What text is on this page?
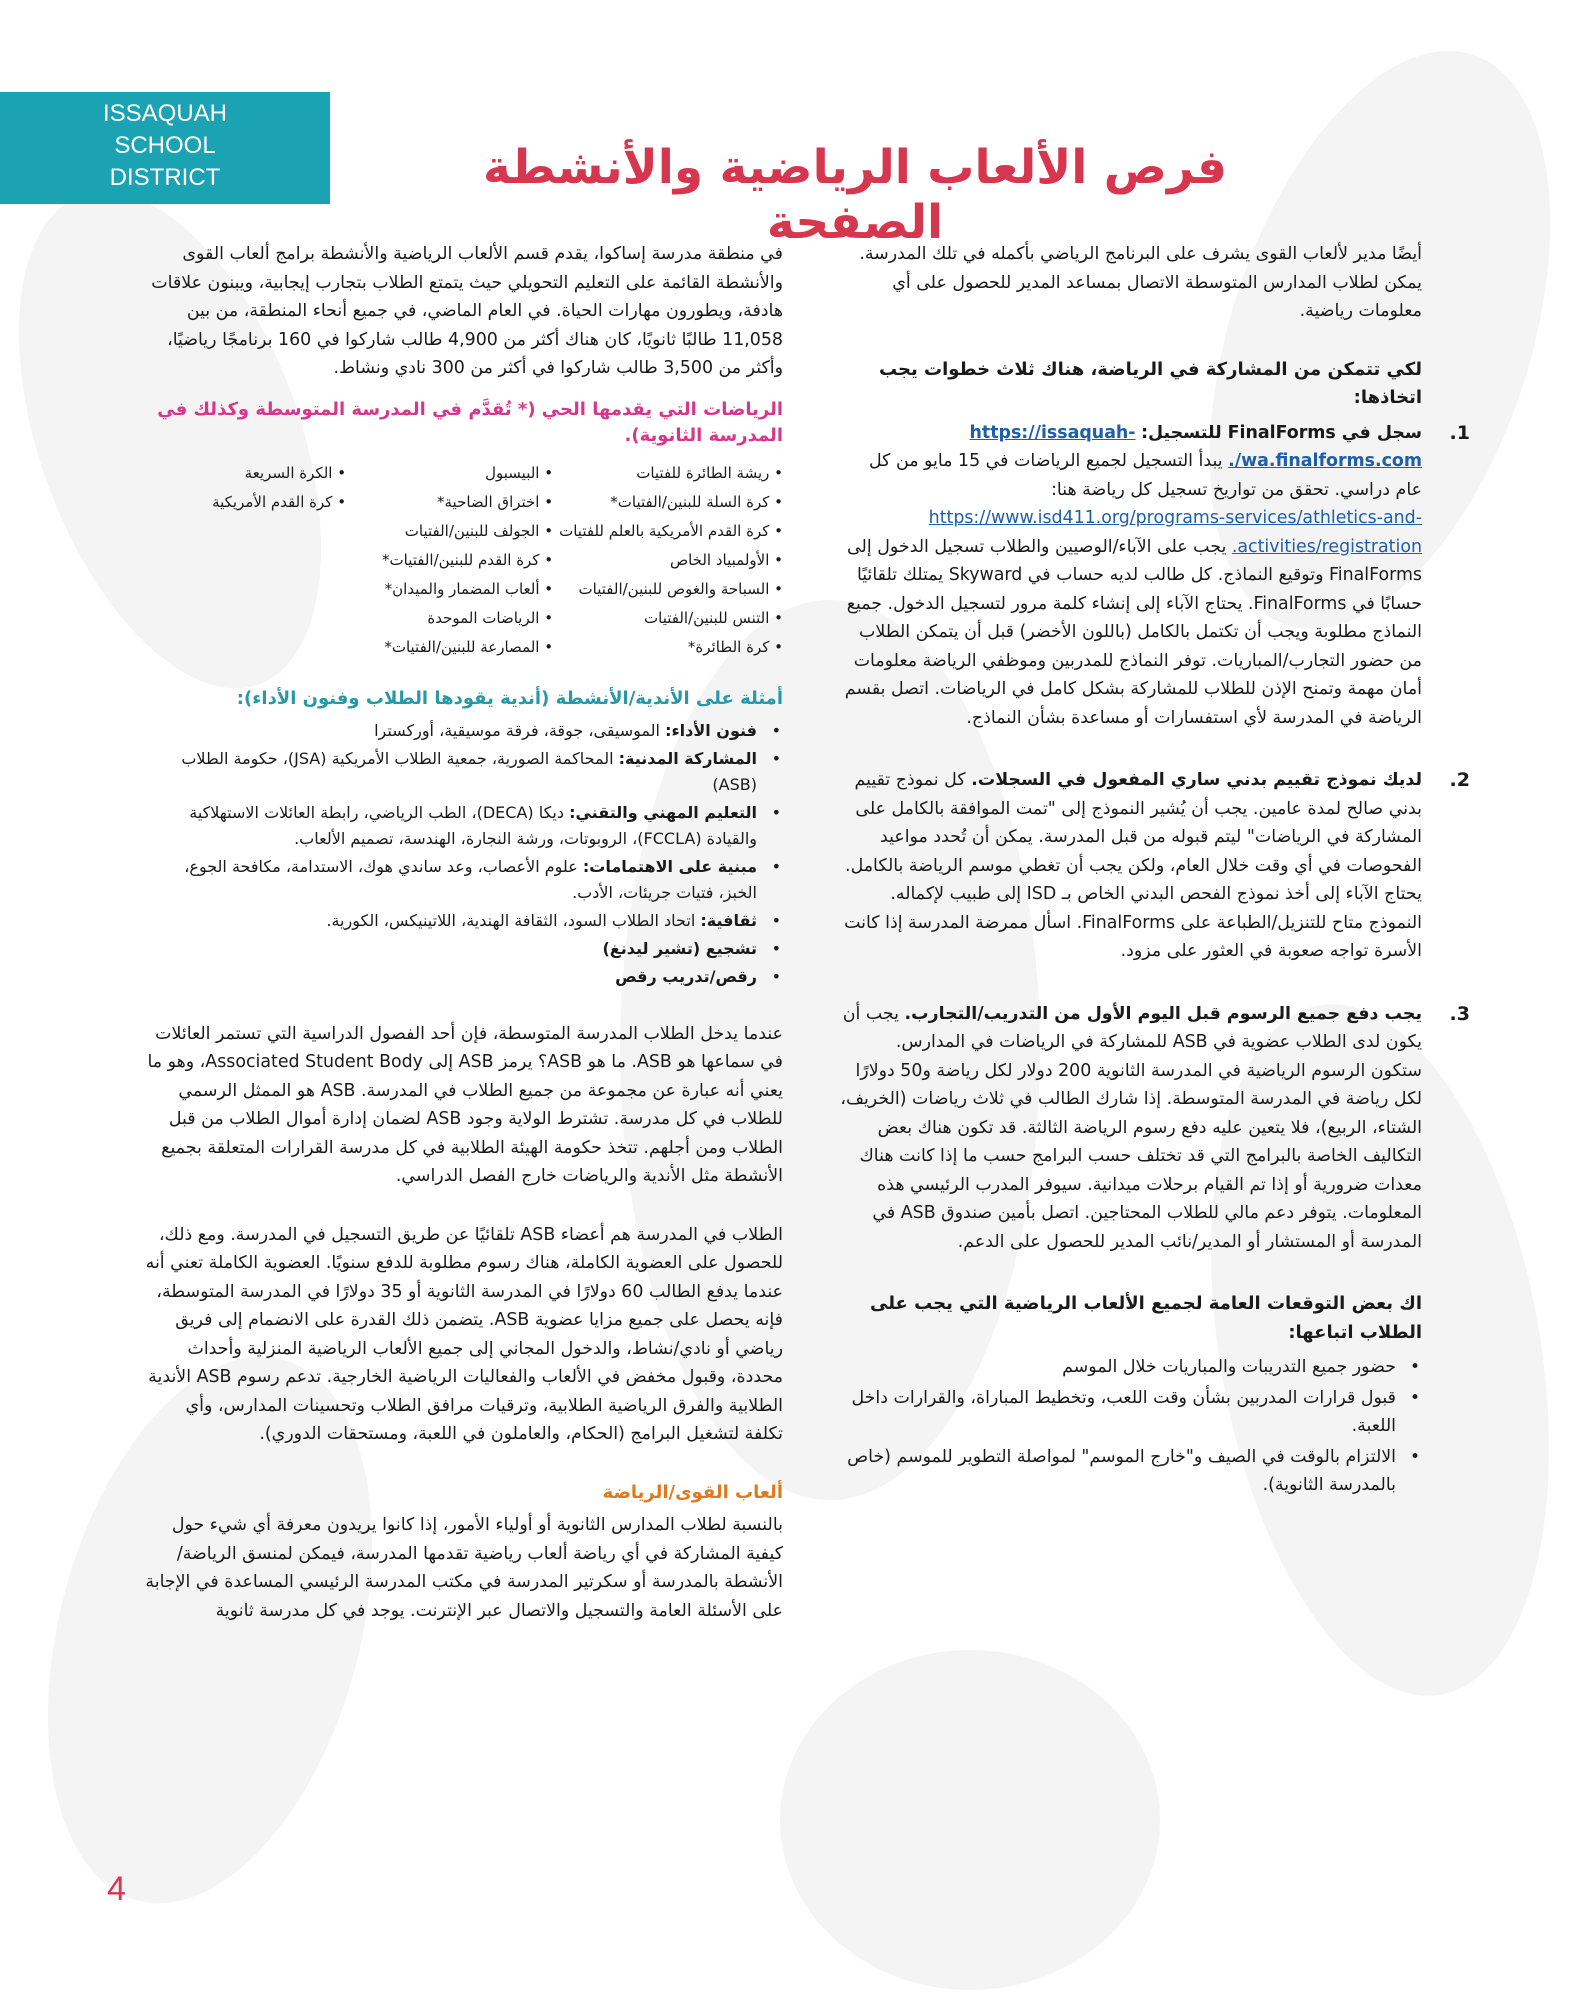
ISSAQUAH
SCHOOL
DISTRICT	فرص الألعاب الرياضية والأنشطة الصفحة

أيضًا مدير لألعاب القوى يشرف على البرنامج الرياضي بأكمله في تلك المدرسة. يمكن لطلاب المدارس المتوسطة الاتصال بمساعد المدير للحصول على أي معلومات رياضية.

لكي تتمكن من المشاركة في الرياضة، هناك ثلاث خطوات يجب اتخاذها:
1.
سجل في FinalForms للتسجيل: https://issaquah-wa.finalforms.com/. يبدأ التسجيل لجميع الرياضات في 15 مايو من كل عام دراسي. تحقق من تواريخ تسجيل كل رياضة هنا: https://www.isd411.org/programs-services/athletics-and-activities/registration. يجب على الآباء/الوصيين والطلاب تسجيل الدخول إلى FinalForms وتوقيع النماذج. كل طالب لديه حساب في Skyward يمتلك تلقائيًا حسابًا في FinalForms. يحتاج الآباء إلى إنشاء كلمة مرور لتسجيل الدخول. جميع النماذج مطلوبة ويجب أن تكتمل بالكامل (باللون الأخضر) قبل أن يتمكن الطلاب من حضور التجارب/المباريات. توفر النماذج للمدربين وموظفي الرياضة معلومات أمان مهمة وتمنح الإذن للطلاب للمشاركة بشكل كامل في الرياضات. اتصل بقسم الرياضة في المدرسة لأي استفسارات أو مساعدة بشأن النماذج.
2.
لديك نموذج تقييم بدني ساري المفعول في السجلات. كل نموذج تقييم بدني صالح لمدة عامين. يجب أن يُشير النموذج إلى "تمت الموافقة بالكامل على المشاركة في الرياضات" ليتم قبوله من قبل المدرسة. يمكن أن تُحدد مواعيد الفحوصات في أي وقت خلال العام، ولكن يجب أن تغطي موسم الرياضة بالكامل. يحتاج الآباء إلى أخذ نموذج الفحص البدني الخاص بـ ISD إلى طبيب لإكماله. النموذج متاح للتنزيل/الطباعة على FinalForms. اسأل ممرضة المدرسة إذا كانت الأسرة تواجه صعوبة في العثور على مزود.
3.
يجب دفع جميع الرسوم قبل اليوم الأول من التدريب/التجارب. يجب أن يكون لدى الطلاب عضوية في ASB للمشاركة في الرياضات في المدارس. ستكون الرسوم الرياضية في المدرسة الثانوية 200 دولار لكل رياضة و50 دولارًا لكل رياضة في المدرسة المتوسطة. إذا شارك الطالب في ثلاث رياضات (الخريف، الشتاء، الربيع)، فلا يتعين عليه دفع رسوم الرياضة الثالثة. قد تكون هناك بعض التكاليف الخاصة بالبرامج التي قد تختلف حسب البرامج حسب ما إذا كانت هناك معدات ضرورية أو إذا تم القيام برحلات ميدانية. سيوفر المدرب الرئيسي هذه المعلومات. يتوفر دعم مالي للطلاب المحتاجين. اتصل بأمين صندوق ASB في المدرسة أو المستشار أو المدير/نائب المدير للحصول على الدعم.
اك بعض التوقعات العامة لجميع الألعاب الرياضية التي يجب على الطلاب اتباعها:
• حضور جميع التدريبات والمباريات خلال الموسم
• قبول قرارات المدربين بشأن وقت اللعب، وتخطيط المباراة، والقرارات داخل اللعبة.
• الالتزام بالوقت في الصيف و"خارج الموسم" لمواصلة التطوير للموسم (خاص بالمدرسة الثانوية).

في منطقة مدرسة إساكوا، يقدم قسم الألعاب الرياضية والأنشطة برامج ألعاب القوى والأنشطة القائمة على التعليم التحويلي حيث يتمتع الطلاب بتجارب إيجابية، ويبنون علاقات هادفة، ويطورون مهارات الحياة. في العام الماضي، في جميع أنحاء المنطقة، من بين 11,058 طالبًا ثانويًا، كان هناك أكثر من 4,900 طالب شاركوا في 160 برنامجًا رياضيًا، وأكثر من 3,500 طالب شاركوا في أكثر من 300 نادي ونشاط.

الرياضات التي يقدمها الحي (* تُقدَّم في المدرسة المتوسطة وكذلك في المدرسة الثانوية).
• ريشة الطائرة للفتيات
• البيسبول
• الكرة السريعة
• كرة السلة للبنين/الفتيات*
• اختراق الضاحية*
• كرة القدم الأمريكية
• كرة القدم الأمريكية بالعلم للفتيات
• الجولف للبنين/الفتيات
• الأولمبياد الخاص
• كرة القدم للبنين/الفتيات*
• السباحة والغوص للبنين/الفتيات
• ألعاب المضمار والميدان*
• التنس للبنين/الفتيات
• الرياضات الموحدة
• كرة الطائرة*
• المصارعة للبنين/الفتيات*
أمثلة على الأندية/الأنشطة (أندية يقودها الطلاب وفنون الأداء):
• فنون الأداء: الموسيقى، جوقة، فرقة موسيقية، أوركسترا
• المشاركة المدنية: المحاكمة الصورية، جمعية الطلاب الأمريكية (JSA)، حكومة الطلاب (ASB)
• التعليم المهني والتقني: ديكا (DECA)، الطب الرياضي، رابطة العائلات الاستهلاكية والقيادة (FCCLA)، الروبوتات، ورشة النجارة، الهندسة، تصميم الألعاب.
• مبنية على الاهتمامات: علوم الأعصاب، وعد ساندي هوك، الاستدامة، مكافحة الجوع، الخبز، فتيات جريئات، الأدب.
• ثقافية: اتحاد الطلاب السود، الثقافة الهندية، اللاتينيكس، الكورية.
• تشجيع (تشير ليدنغ)
• رقص/تدريب رقص

عندما يدخل الطلاب المدرسة المتوسطة، فإن أحد الفصول الدراسية التي تستمر العائلات في سماعها هو ASB. ما هو ASB؟ يرمز ASB إلى Associated Student Body، وهو ما يعني أنه عبارة عن مجموعة من جميع الطلاب في المدرسة. ASB هو الممثل الرسمي للطلاب في كل مدرسة. تشترط الولاية وجود ASB لضمان إدارة أموال الطلاب من قبل الطلاب ومن أجلهم. تتخذ حكومة الهيئة الطلابية في كل مدرسة القرارات المتعلقة بجميع الأنشطة مثل الأندية والرياضات خارج الفصل الدراسي.

الطلاب في المدرسة هم أعضاء ASB تلقائيًا عن طريق التسجيل في المدرسة. ومع ذلك، للحصول على العضوية الكاملة، هناك رسوم مطلوبة للدفع سنويًا. العضوية الكاملة تعني أنه عندما يدفع الطالب 60 دولارًا في المدرسة الثانوية أو 35 دولارًا في المدرسة المتوسطة، فإنه يحصل على جميع مزايا عضوية ASB. يتضمن ذلك القدرة على الانضمام إلى فريق رياضي أو نادي/نشاط، والدخول المجاني إلى جميع الألعاب الرياضية المنزلية وأحداث محددة، وقبول مخفض في الألعاب والفعاليات الرياضية الخارجية. تدعم رسوم ASB الأندية الطلابية والفرق الرياضية الطلابية، وترقيات مرافق الطلاب وتحسينات المدارس، وأي تكلفة لتشغيل البرامج (الحكام، والعاملون في اللعبة، ومستحقات الدوري).

ألعاب القوى/الرياضة

بالنسبة لطلاب المدارس الثانوية أو أولياء الأمور، إذا كانوا يريدون معرفة أي شيء حول كيفية المشاركة في أي رياضة ألعاب رياضية تقدمها المدرسة، فيمكن لمنسق الرياضة/الأنشطة بالمدرسة أو سكرتير المدرسة في مكتب المدرسة الرئيسي المساعدة في الإجابة على الأسئلة العامة والتسجيل والاتصال عبر الإنترنت. يوجد في كل مدرسة ثانوية

4
